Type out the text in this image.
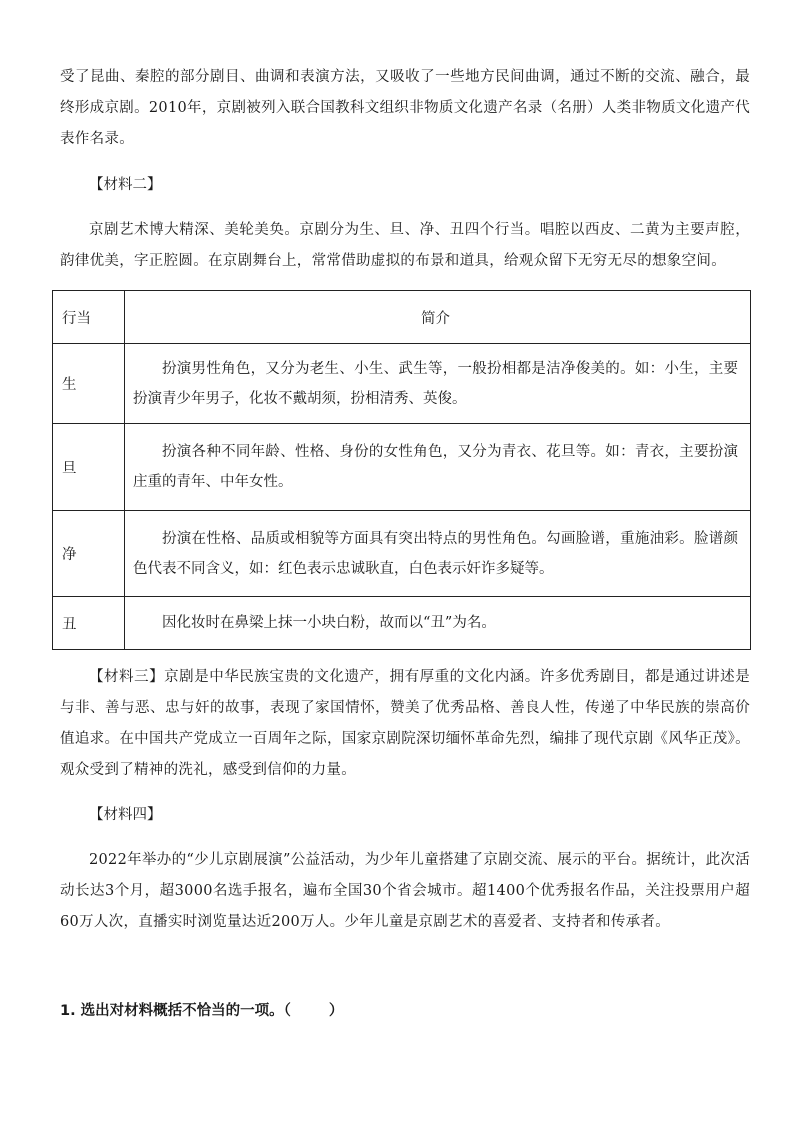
受了昆曲、秦腔的部分剧目、曲调和表演方法，又吸收了一些地方民间曲调，通过不断的交流、融合，最终形成京剧。2010年，京剧被列入联合国教科文组织非物质文化遗产名录（名册）人类非物质文化遗产代表作名录。

【材料二】

京剧艺术博大精深、美轮美奂。京剧分为生、旦、净、丑四个行当。唱腔以西皮、二黄为主要声腔，韵律优美，字正腔圆。在京剧舞台上，常常借助虚拟的布景和道具，给观众留下无穷无尽的想象空间。

行当	简介
生	扮演男性角色，又分为老生、小生、武生等，一般扮相都是洁净俊美的。如：小生，主要扮演青少年男子，化妆不戴胡须，扮相清秀、英俊。

旦	扮演各种不同年龄、性格、身份的女性角色，又分为青衣、花旦等。如：青衣，主要扮演庄重的青年、中年女性。

净	扮演在性格、品质或相貌等方面具有突出特点的男性角色。勾画脸谱，重施油彩。脸谱颜色代表不同含义，如：红色表示忠诚耿直，白色表示奸诈多疑等。

丑	因化妆时在鼻梁上抹一小块白粉，故而以“丑”为名。

【材料三】京剧是中华民族宝贵的文化遗产，拥有厚重的文化内涵。许多优秀剧目，都是通过讲述是与非、善与恶、忠与奸的故事，表现了家国情怀，赞美了优秀品格、善良人性，传递了中华民族的崇高价值追求。在中国共产党成立一百周年之际，国家京剧院深切缅怀革命先烈，编排了现代京剧《风华正茂》。观众受到了精神的洗礼，感受到信仰的力量。

【材料四】

2022年举办的“少儿京剧展演”公益活动，为少年儿童搭建了京剧交流、展示的平台。据统计，此次活动长达3个月，超3000名选手报名，遍布全国30个省会城市。超1400个优秀报名作品，关注投票用户超60万人次，直播实时浏览量达近200万人。少年儿童是京剧艺术的喜爱者、支持者和传承者。

1. 选出对材料概括不恰当的一项。（	）
